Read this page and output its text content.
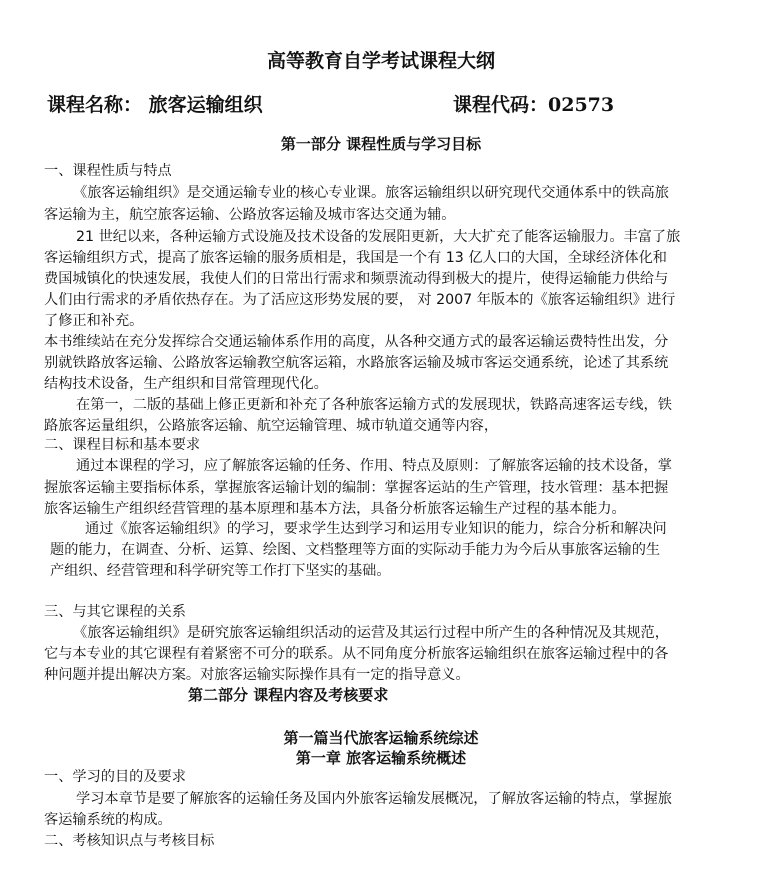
高等教育自学考试课程大纲
课程名称： 旅客运输组织	课程代码：02573
第一部分 课程性质与学习目标
一、课程性质与特点
《旅客运输组织》是交通运输专业的核心专业课。旅客运输组织以研究现代交通体系中的铁高旅
客运输为主，航空旅客运输、公路放客运输及城市客达交通为辅。
21 世纪以来，各种运输方式设施及技术设备的发展阳更新，大大扩充了能客运输服力。丰富了旅
客运输组织方式，提高了旅客运输的服务质相是，我国是一个有 13 亿人口的大国，全球经济体化和
费国城镇化的快速发展，我使人们的日常出行需求和频票流动得到极大的提片，使得运输能力供给与
人们由行需求的矛盾依热存在。为了活应这形势发展的要， 对 2007 年版本的《旅客运输组织》进行
了修正和补充。
本书维续站在充分发挥综合交通运输体系作用的高度，从各种交通方式的最客运输运费特性出发，分
别就铁路放客运输、公路放客运输教空航客运箱，水路旅客运输及城市客运交通系统，论述了其系统
结构技术设备，生产组织和目常管理现代化。
在第一，二版的基础上修正更新和补充了各种旅客运输方式的发展现状，铁路高速客运专线，铁
路旅客运量组织，公路旅客运输、航空运输管理、城市轨道交通等内容，
二、课程目标和基本要求
通过本课程的学习，应了解旅客运输的任务、作用、特点及原则：了解旅客运输的技术设备，掌
握旅客运输主要指标体系，掌握旅客运输计划的编制：掌握客运站的生产管理，技水管理：基本把握
旅客运输生产组织经营管理的基本原理和基本方法，具备分析旅客运输生产过程的基本能力。
通过《旅客运输组织》的学习，要求学生达到学习和运用专业知识的能力，综合分析和解决问
题的能力，在调查、分析、运算、绘图、文档整理等方面的实际动手能力为今后从事旅客运输的生
产组织、经营管理和科学研究等工作打下坚实的基础。
三、与其它课程的关系
《旅客运输组织》是研究旅客运输组织活动的运营及其运行过程中所产生的各种情况及其规范，
它与本专业的其它课程有着紧密不可分的联系。从不同角度分析旅客运输组织在旅客运输过程中的各
种问题并提出解决方案。对旅客运输实际操作具有一定的指导意义。
第二部分 课程内容及考核要求
第一篇当代旅客运输系统综述
第一章 旅客运输系统概述
一、学习的目的及要求
学习本章节是要了解旅客的运输任务及国内外旅客运输发展概况，了解放客运输的特点，掌握旅
客运输系统的构成。
二、考核知识点与考核目标
